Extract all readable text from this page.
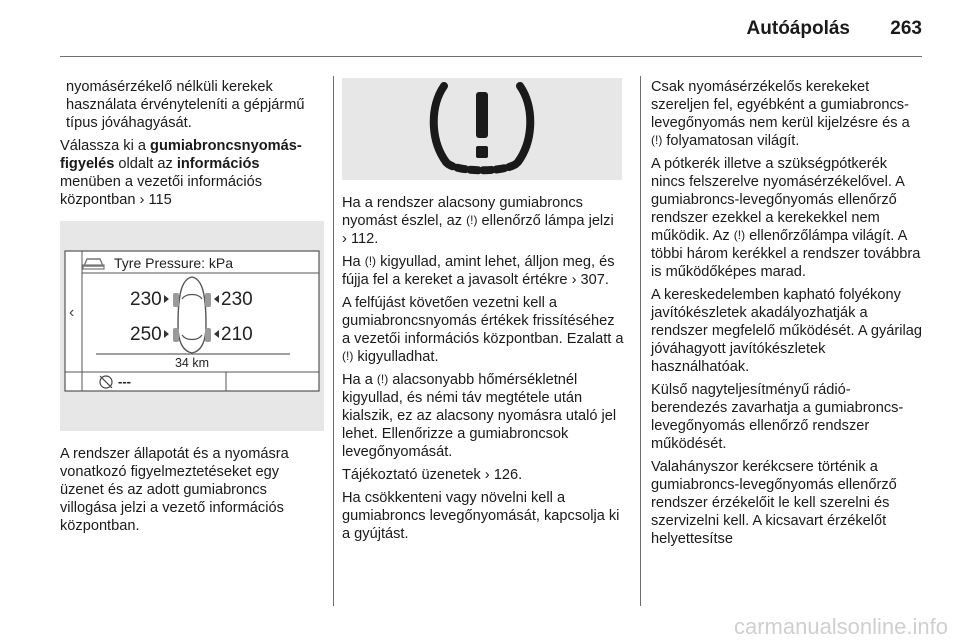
Autóápolás	263

nyomásérzékelő nélküli kerekek használata érvényteleníti a gépjármű típus jóváhagyását.

Válassza ki a gumiabroncsnyomás-figyelés oldalt az információs menüben a vezetői információs központban › 115

‹
Tyre Pressure: kPa
230	230
250	210
34 km
---

A rendszer állapotát és a nyomásra vonatkozó figyelmeztetéseket egy üzenet és az adott gumiabroncs villogása jelzi a vezető információs központban.

Ha a rendszer alacsony gumiabroncs nyomást észlel, az (!) ellenőrző lámpa jelzi › 112.

Ha (!) kigyullad, amint lehet, álljon meg, és fújja fel a kereket a javasolt értékre › 307.

A felfújást követően vezetni kell a gumiabroncsnyomás értékek frissítéséhez a vezetői információs központban. Ezalatt a (!) kigyulladhat.

Ha a (!) alacsonyabb hőmérsékletnél kigyullad, és némi táv megtétele után kialszik, ez az alacsony nyomásra utaló jel lehet. Ellenőrizze a gumiabroncsok levegőnyomását.

Tájékoztató üzenetek › 126.

Ha csökkenteni vagy növelni kell a gumiabroncs levegőnyomását, kapcsolja ki a gyújtást.

Csak nyomásérzékelős kerekeket szereljen fel, egyébként a gumiabroncs-levegőnyomás nem kerül kijelzésre és a (!) folyamatosan világít.

A pótkerék illetve a szükségpótkerék nincs felszerelve nyomásérzékelővel. A gumiabroncs-levegőnyomás ellenőrző rendszer ezekkel a kerekekkel nem működik. Az (!) ellenőrzőlámpa világít. A többi három kerékkel a rendszer továbbra is működőképes marad.

A kereskedelemben kapható folyékony javítókészletek akadályozhatják a rendszer megfelelő működését. A gyárilag jóváhagyott javítókészletek használhatóak.

Külső nagyteljesítményű rádió-berendezés zavarhatja a gumiabroncs-levegőnyomás ellenőrző rendszer működését.

Valahányszor kerékcsere történik a gumiabroncs-levegőnyomás ellenőrző rendszer érzékelőit le kell szerelni és szervizelni kell. A kicsavart érzékelőt helyettesítse

carmanualsonline.info
